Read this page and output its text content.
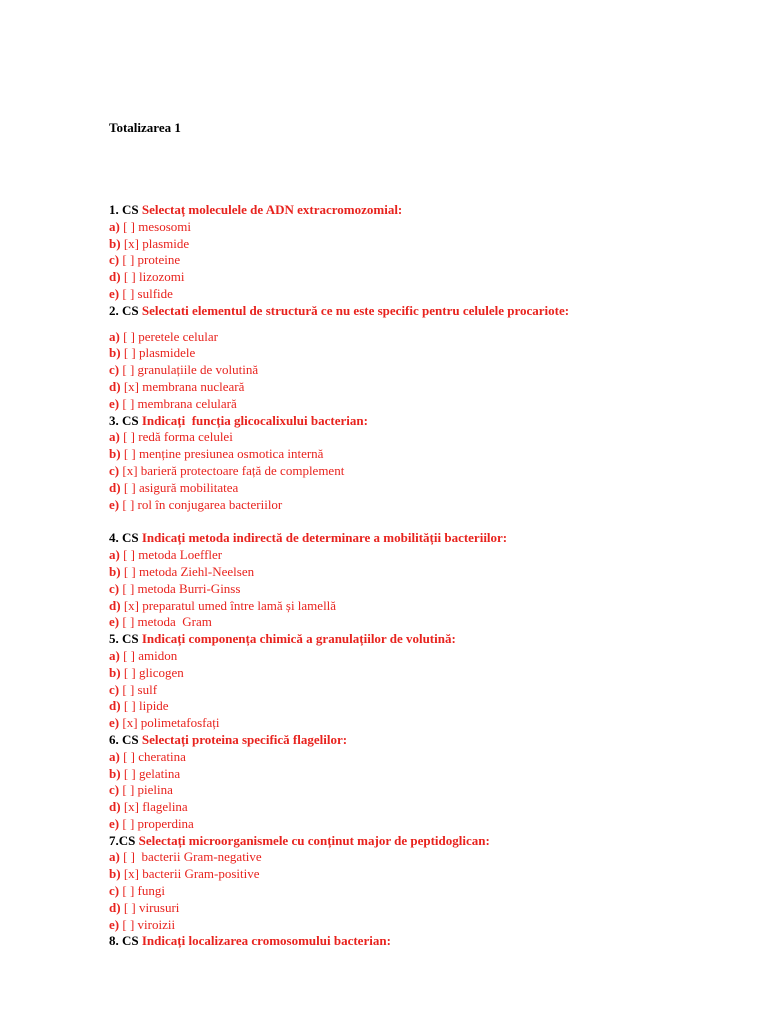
Totalizarea 1
1. CS Selectaț moleculele de ADN extracromozomial:
a) [ ] mesosomi
b) [x] plasmide
c) [ ] proteine
d) [ ] lizozomi
e) [ ] sulfide
2. CS Selectati elementul de structură ce nu este specific pentru celulele procariote:
a) [ ] peretele celular
b) [ ] plasmidele
c) [ ] granulațiile de volutină
d) [x] membrana nucleară
e) [ ] membrana celulară
3. CS Indicați  funcția glicocalixului bacterian:
a) [ ] redă forma celulei
b) [ ] menține presiunea osmotica internă
c) [x] barieră protectoare față de complement
d) [ ] asigură mobilitatea
e) [ ] rol în conjugarea bacteriilor
4. CS Indicați metoda indirectă de determinare a mobilității bacteriilor:
a) [ ] metoda Loeffler
b) [ ] metoda Ziehl-Neelsen
c) [ ] metoda Burri-Ginss
d) [x] preparatul umed între lamă și lamellă
e) [ ] metoda  Gram
5. CS Indicați componența chimică a granulațiilor de volutină:
a) [ ] amidon
b) [ ] glicogen
c) [ ] sulf
d) [ ] lipide
e) [x] polimetafosfați
6. CS Selectați proteina specifică flagelilor:
a) [ ] cheratina
b) [ ] gelatina
c) [ ] pielina
d) [x] flagelina
e) [ ] properdina
7.CS Selectați microorganismele cu conținut major de peptidoglican:
a) [ ]  bacterii Gram-negative
b) [x] bacterii Gram-positive
c) [ ] fungi
d) [ ] virusuri
e) [ ] viroizii
8. CS Indicați localizarea cromosomului bacterian:
